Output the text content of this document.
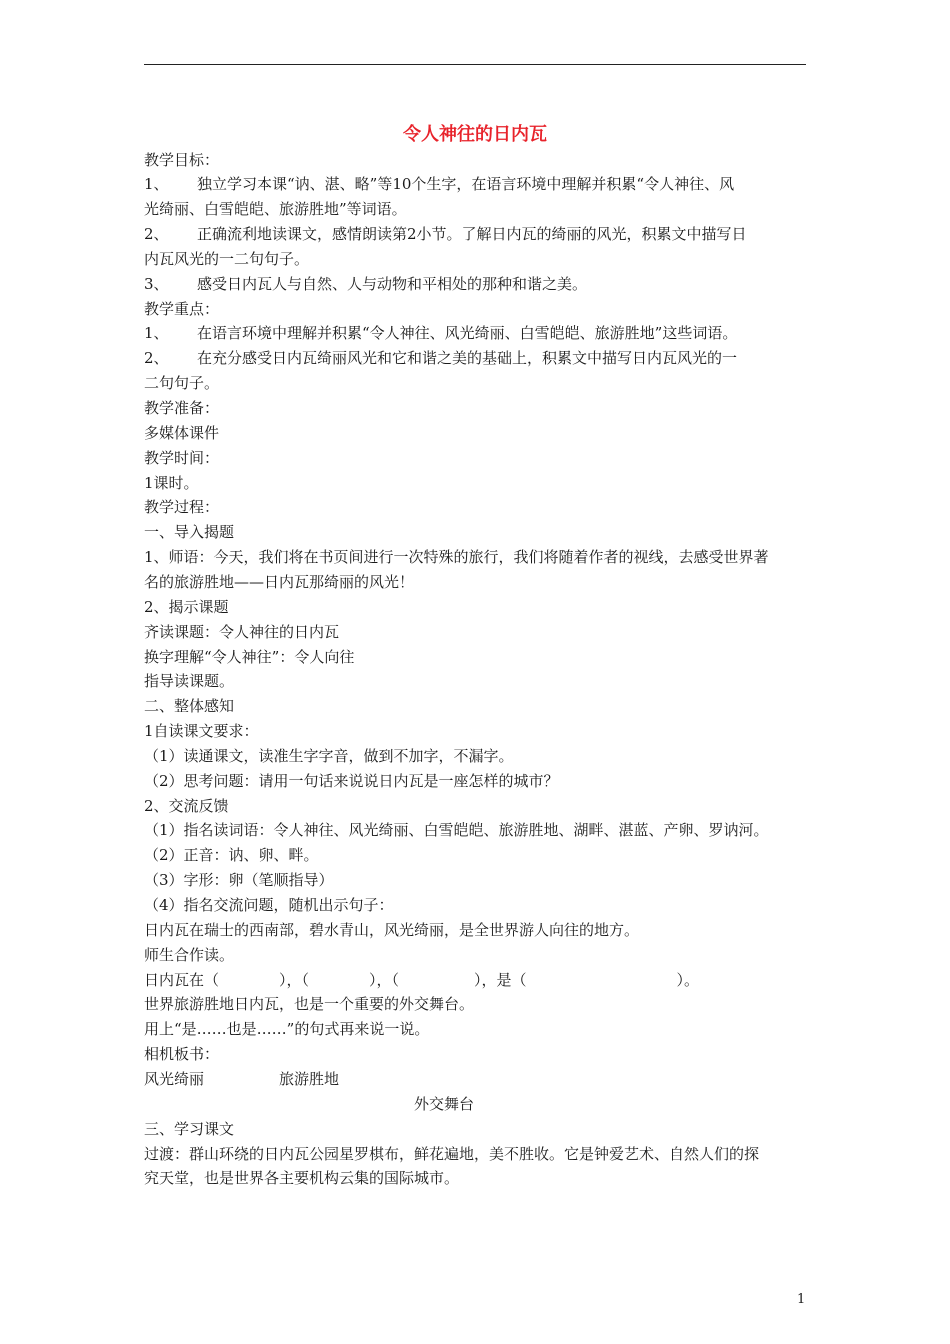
令人神往的日内瓦
教学目标：
1、 独立学习本课“讷、湛、略”等10个生字，在语言环境中理解并积累“令人神往、风
光绮丽、白雪皑皑、旅游胜地”等词语。
2、 正确流利地读课文，感情朗读第2小节。了解日内瓦的绮丽的风光，积累文中描写日
内瓦风光的一二句句子。
3、 感受日内瓦人与自然、人与动物和平相处的那种和谐之美。
教学重点：
1、 在语言环境中理解并积累“令人神往、风光绮丽、白雪皑皑、旅游胜地”这些词语。
2、 在充分感受日内瓦绮丽风光和它和谐之美的基础上，积累文中描写日内瓦风光的一
二句句子。
教学准备：
多媒体课件
教学时间：
1课时。
教学过程：
一、导入揭题
1、师语：今天，我们将在书页间进行一次特殊的旅行，我们将随着作者的视线，去感受世界著
名的旅游胜地——日内瓦那绮丽的风光！
2、揭示课题
齐读课题：令人神往的日内瓦
换字理解“令人神往”：令人向往
指导读课题。
二、整体感知
1自读课文要求：
（1）读通课文，读准生字字音，做到不加字，不漏字。
（2）思考问题：请用一句话来说说日内瓦是一座怎样的城市？
2、交流反馈
（1）指名读词语：令人神往、风光绮丽、白雪皑皑、旅游胜地、湖畔、湛蓝、产卵、罗讷河。
（2）正音：讷、卵、畔。
（3）字形：卵（笔顺指导）
（4）指名交流问题，随机出示句子：
日内瓦在瑞士的西南部，碧水青山，风光绮丽，是全世界游人向往的地方。
师生合作读。
日内瓦在（　　　　），（　　　　），（　　　　　），是（　　　　　　　　　　）。
世界旅游胜地日内瓦，也是一个重要的外交舞台。
用上“是……也是……”的句式再来说一说。
相机板书：
风光绮丽　　　　　旅游胜地
　　　　　　　　　　　　　　　　　　外交舞台
三、学习课文
过渡：群山环绕的日内瓦公园星罗棋布，鲜花遍地，美不胜收。它是钟爱艺术、自然人们的探
究天堂，也是世界各主要机构云集的国际城市。
1
